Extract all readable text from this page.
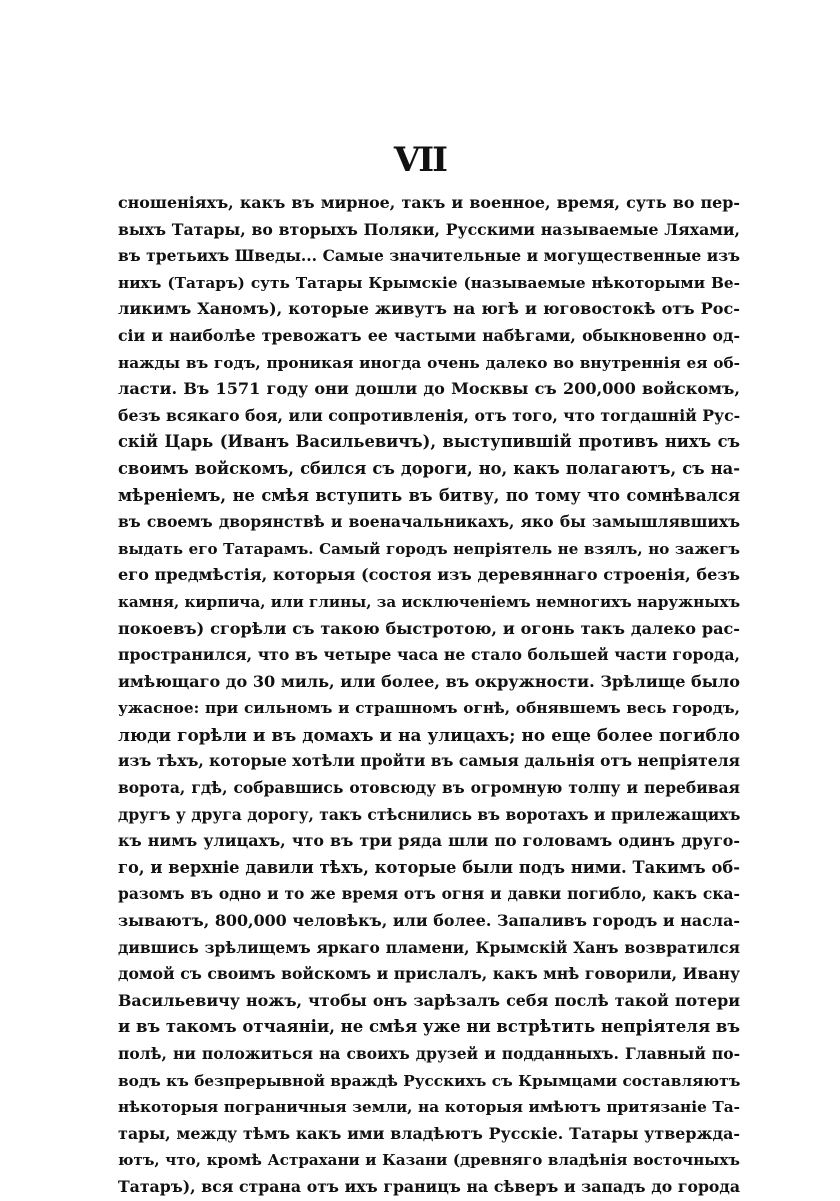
VII
сношеніяхъ, какъ въ мирное, такъ и военное, время, суть во пер-
выхъ Татары, во вторыхъ Поляки, Русскими называемые Ляхами,
въ третьихъ Шведы... Самые значительные и могущественные изъ
нихъ (Татаръ) суть Татары Крымскіе (называемые нѣкоторыми Ве-
ликимъ Ханомъ), которые живутъ на югѣ и юговостокѣ отъ Рос-
сіи и наиболѣе тревожатъ ее частыми набѣгами, обыкновенно од-
нажды въ годъ, проникая иногда очень далеко во внутреннія ея об-
ласти. Въ 1571 году они дошли до Москвы съ 200,000 войскомъ,
безъ всякаго боя, или сопротивленія, отъ того, что тогдашній Рус-
скій Царь (Иванъ Васильевичъ), выступившій противъ нихъ съ
своимъ войскомъ, сбился съ дороги, но, какъ полагаютъ, съ на-
мѣреніемъ, не смѣя вступить въ битву, по тому что сомнѣвался
въ своемъ дворянствѣ и военачальникахъ, яко бы замышлявшихъ
выдать его Татарамъ. Самый городъ непріятель не взялъ, но зажегъ
его предмѣстія, которыя (состоя изъ деревяннаго строенія, безъ
камня, кирпича, или глины, за исключеніемъ немногихъ наружныхъ
покоевъ) сгорѣли съ такою быстротою, и огонь такъ далеко рас-
пространился, что въ четыре часа не стало большей части города,
имѣющаго до 30 миль, или более, въ окружности. Зрѣлище было
ужасное: при сильномъ и страшномъ огнѣ, обнявшемъ весь городъ,
люди горѣли и въ домахъ и на улицахъ; но еще более погибло
изъ тѣхъ, которые хотѣли пройти въ самыя дальнія отъ непріятеля
ворота, гдѣ, собравшись отовсюду въ огромную толпу и перебивая
другъ у друга дорогу, такъ стѣснились въ воротахъ и прилежащихъ
къ нимъ улицахъ, что въ три ряда шли по головамъ одинъ друго-
го, и верхніе давили тѣхъ, которые были подъ ними. Такимъ об-
разомъ въ одно и то же время отъ огня и давки погибло, какъ ска-
зываютъ, 800,000 человѣкъ, или более. Запаливъ городъ и насла-
дившись зрѣлищемъ яркаго пламени, Крымскій Ханъ возвратился
домой съ своимъ войскомъ и прислалъ, какъ мнѣ говорили, Ивану
Васильевичу ножъ, чтобы онъ зарѣзалъ себя послѣ такой потери
и въ такомъ отчаяніи, не смѣя уже ни встрѣтить непріятеля въ
полѣ, ни положиться на своихъ друзей и подданныхъ. Главный по-
водъ къ безпрерывной враждѣ Русскихъ съ Крымцами составляютъ
нѣкоторыя пограничныя земли, на которыя имѣютъ притязаніе Та-
тары, между тѣмъ какъ ими владѣютъ Русскіе. Татары утвержда-
ютъ, что, кромѣ Астрахани и Казани (древняго владѣнія восточныхъ
Татаръ), вся страна отъ ихъ границъ на сѣверъ и западъ до города
